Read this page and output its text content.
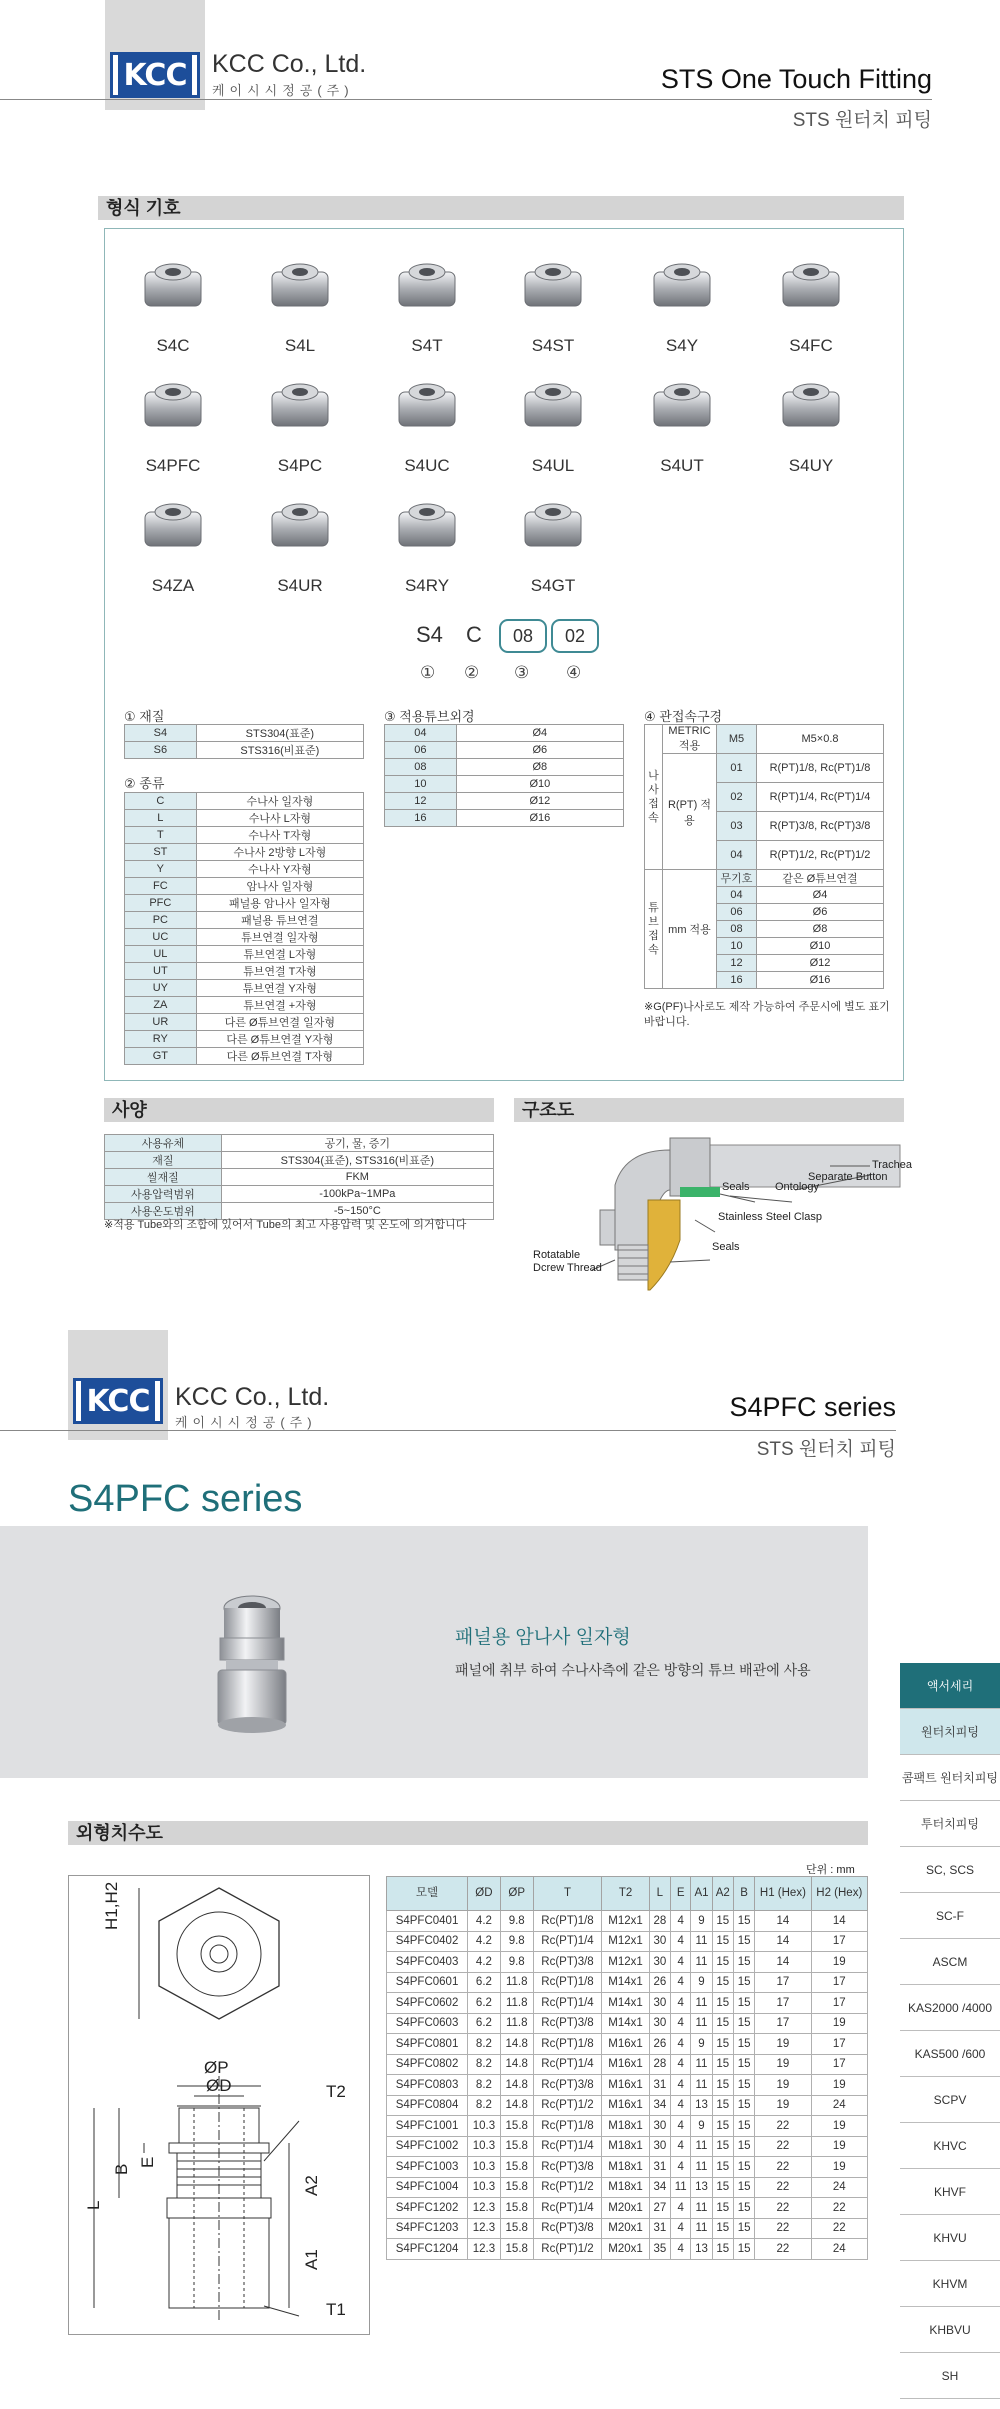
KCC KCC Co., Ltd.
케이시시정공(주)	STS One Touch Fitting
STS 원터치 피팅
형식 기호
S4C	S4L	S4T	S4ST	S4Y	S4FC
S4PFC	S4PC	S4UC	S4UL	S4UT	S4UY
S4ZA	S4UR	S4RY	S4GT
S4 C	08	02
① ② ③ ④
① 재질
S4	STS304(표준)
S6	STS316(비표준)
② 종류
C	수나사 일자형
L	수나사 L자형
T	수나사 T자형
ST	수나사 2방향 L자형
Y	수나사 Y자형
FC	암나사 일자형
PFC	패널용 암나사 일자형
PC	패널용 튜브연결
UC	튜브연결 일자형
UL	튜브연결 L자형
UT	튜브연결 T자형
UY	튜브연결 Y자형
ZA	튜브연결 +자형
UR	다른 Ø튜브연결 일자형
RY	다른 Ø튜브연결 Y자형
GT	다른 Ø튜브연결 T자형
③ 적용튜브외경
04	Ø4
06	Ø6
08	Ø8
10	Ø10
12	Ø12
16	Ø16
④ 관접속구경
나사접속	METRIC 적용	M5	M5×0.8
	R(PT) 적용	01	R(PT)1/8, Rc(PT)1/8
		02	R(PT)1/4, Rc(PT)1/4
		03	R(PT)3/8, Rc(PT)3/8
		04	R(PT)1/2, Rc(PT)1/2
튜브접속	mm 적용	무기호	같은 Ø튜브연결
		04	Ø4
		06	Ø6
		08	Ø8
		10	Ø10
		12	Ø12
		16	Ø16
※G(PF)나사로도 제작 가능하여 주문시에 별도 표기 바랍니다.
사양
사용유체	공기, 물, 증기
재질	STS304(표준), STS316(비표준)
씰재질	FKM
사용압력범위	-100kPa~1MPa
사용온도범위	-5~150°C
※적용 Tube와의 조합에 있어서 Tube의 최고 사용압력 및 온도에 의거합니다
구조도
Trachea
Separate Button
Seals Ontology
Stainless Steel Clasp
Seals
Rotatable
Dcrew Thread
KCC KCC Co., Ltd.
케이시시정공(주)
S4PFC series
STS 원터치 피팅
S4PFC series
패널용 암나사 일자형
패널에 취부 하여 수나사측에 같은 방향의 튜브 배관에 사용
액서세리
원터치피팅
콤팩트 원터치피팅
투터치피팅
SC, SCS
SC-F
ASCM
KAS2000 /4000
KAS500 /600
SCPV
KHVC
KHVF
KHVU
KHVM
KHBVU
SH
외형치수도
단위 : mm
H1,H2
ØP
ØD	T2
L
B
E
A2
A1
T1
모델	ØD	ØP	T	T2	L	E	A1	A2	B	H1 (Hex)	H2 (Hex)
S4PFC0401	4.2	9.8	Rc(PT)1/8	M12x1	28	4	9	15	15	14	14
S4PFC0402	4.2	9.8	Rc(PT)1/4	M12x1	30	4	11	15	15	14	17
S4PFC0403	4.2	9.8	Rc(PT)3/8	M12x1	30	4	11	15	15	14	19
S4PFC0601	6.2	11.8	Rc(PT)1/8	M14x1	26	4	9	15	15	17	17
S4PFC0602	6.2	11.8	Rc(PT)1/4	M14x1	30	4	11	15	15	17	17
S4PFC0603	6.2	11.8	Rc(PT)3/8	M14x1	30	4	11	15	15	17	19
S4PFC0801	8.2	14.8	Rc(PT)1/8	M16x1	26	4	9	15	15	19	17
S4PFC0802	8.2	14.8	Rc(PT)1/4	M16x1	28	4	11	15	15	19	17
S4PFC0803	8.2	14.8	Rc(PT)3/8	M16x1	31	4	11	15	15	19	19
S4PFC0804	8.2	14.8	Rc(PT)1/2	M16x1	34	4	13	15	15	19	24
S4PFC1001	10.3	15.8	Rc(PT)1/8	M18x1	30	4	9	15	15	22	19
S4PFC1002	10.3	15.8	Rc(PT)1/4	M18x1	30	4	11	15	15	22	19
S4PFC1003	10.3	15.8	Rc(PT)3/8	M18x1	31	4	11	15	15	22	19
S4PFC1004	10.3	15.8	Rc(PT)1/2	M18x1	34	11	13	15	15	22	24
S4PFC1202	12.3	15.8	Rc(PT)1/4	M20x1	27	4	11	15	15	22	22
S4PFC1203	12.3	15.8	Rc(PT)3/8	M20x1	31	4	11	15	15	22	22
S4PFC1204	12.3	15.8	Rc(PT)1/2	M20x1	35	4	13	15	15	22	24
